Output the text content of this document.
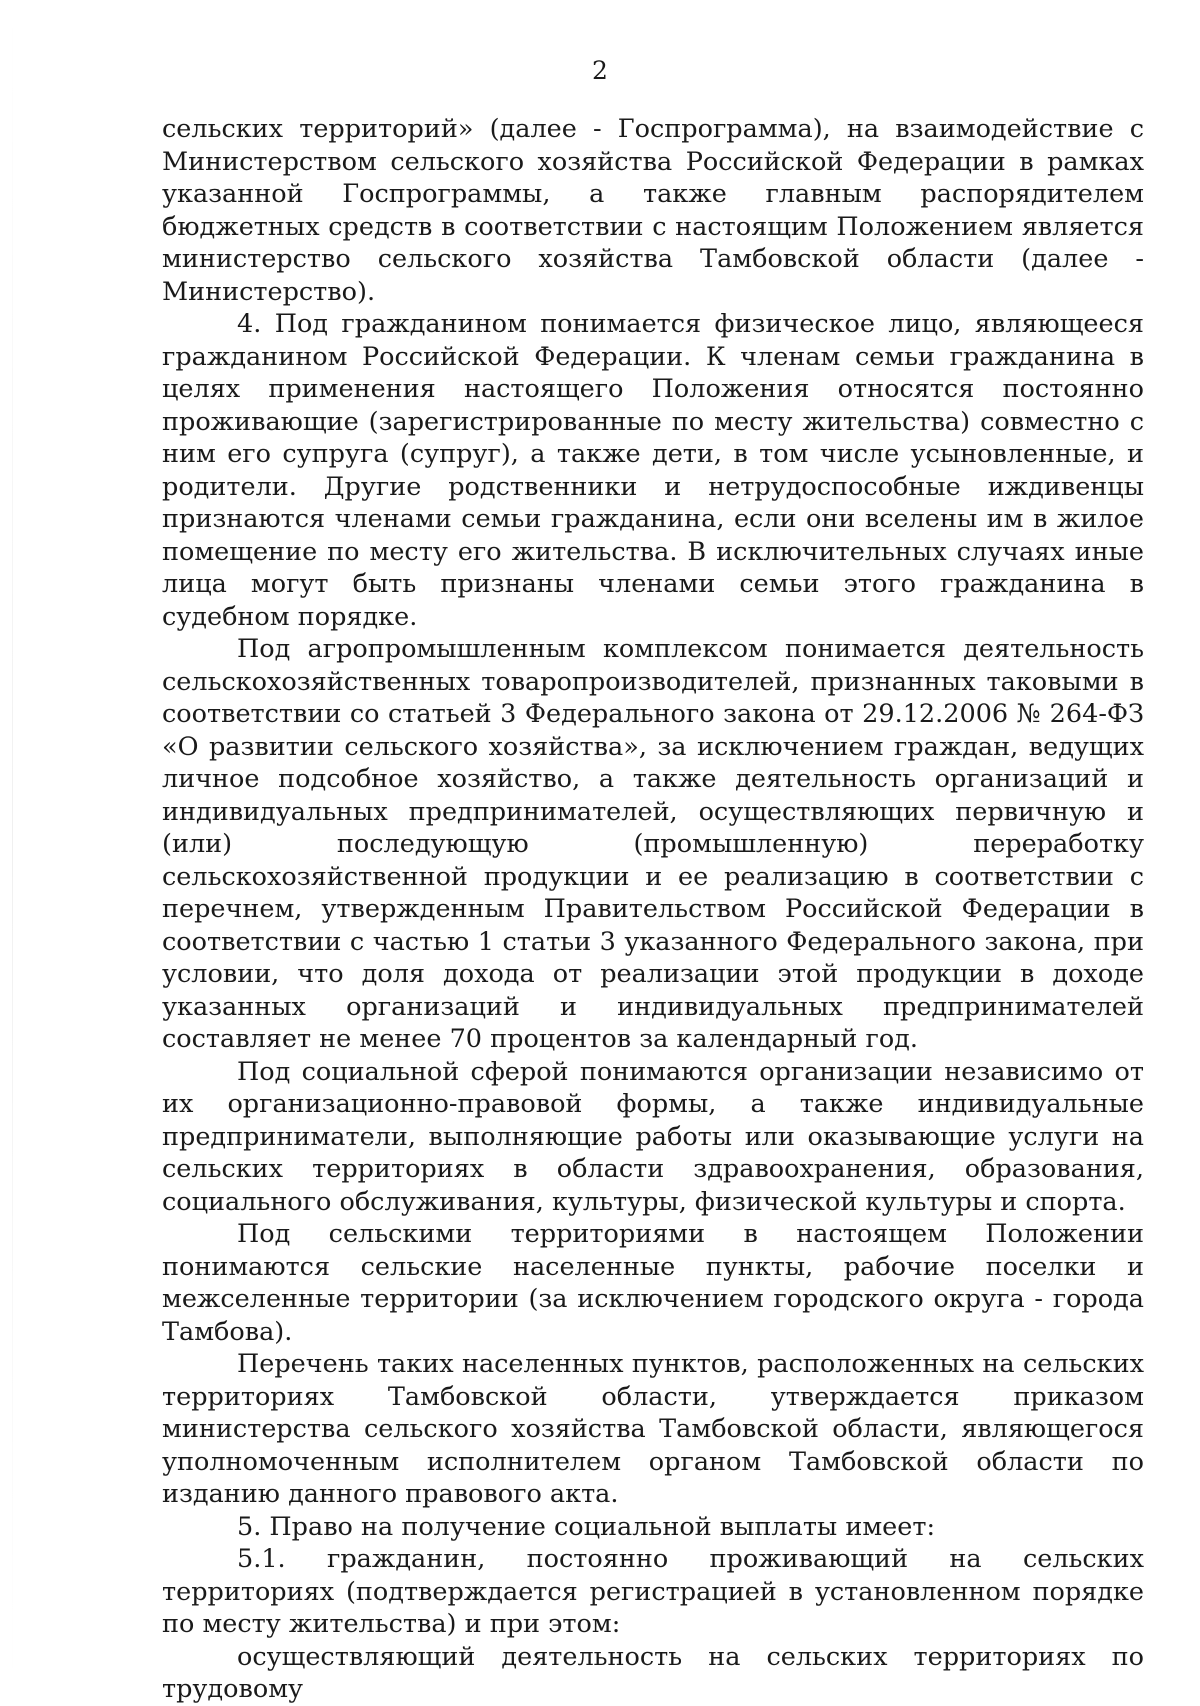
2

сельских территорий» (далее - Госпрограмма), на взаимодействие с Министерством сельского хозяйства Российской Федерации в рамках указанной Госпрограммы, а также главным распорядителем бюджетных средств в соответствии с настоящим Положением является министерство сельского хозяйства Тамбовской области (далее - Министерство).

4. Под гражданином понимается физическое лицо, являющееся гражданином Российской Федерации. К членам семьи гражданина в целях применения настоящего Положения относятся постоянно проживающие (зарегистрированные по месту жительства) совместно с ним его супруга (супруг), а также дети, в том числе усыновленные, и родители. Другие родственники и нетрудоспособные иждивенцы признаются членами семьи гражданина, если они вселены им в жилое помещение по месту его жительства. В исключительных случаях иные лица могут быть признаны членами семьи этого гражданина в судебном порядке.

Под агропромышленным комплексом понимается деятельность сельскохозяйственных товаропроизводителей, признанных таковыми в соответствии со статьей 3 Федерального закона от 29.12.2006 № 264-ФЗ «О развитии сельского хозяйства», за исключением граждан, ведущих личное подсобное хозяйство, а также деятельность организаций и индивидуальных предпринимателей, осуществляющих первичную и (или) последующую (промышленную) переработку сельскохозяйственной продукции и ее реализацию в соответствии с перечнем, утвержденным Правительством Российской Федерации в соответствии с частью 1 статьи 3 указанного Федерального закона, при условии, что доля дохода от реализации этой продукции в доходе указанных организаций и индивидуальных предпринимателей составляет не менее 70 процентов за календарный год.

Под социальной сферой понимаются организации независимо от их организационно-правовой формы, а также индивидуальные предприниматели, выполняющие работы или оказывающие услуги на сельских территориях в области здравоохранения, образования, социального обслуживания, культуры, физической культуры и спорта.

Под сельскими территориями в настоящем Положении понимаются сельские населенные пункты, рабочие поселки и межселенные территории (за исключением городского округа - города Тамбова).

Перечень таких населенных пунктов, расположенных на сельских территориях Тамбовской области, утверждается приказом министерства сельского хозяйства Тамбовской области, являющегося уполномоченным исполнителем органом Тамбовской области по изданию данного правового акта.

5. Право на получение социальной выплаты имеет:

5.1. гражданин, постоянно проживающий на сельских территориях (подтверждается регистрацией в установленном порядке по месту жительства) и при этом:

осуществляющий деятельность на сельских территориях по трудовому
